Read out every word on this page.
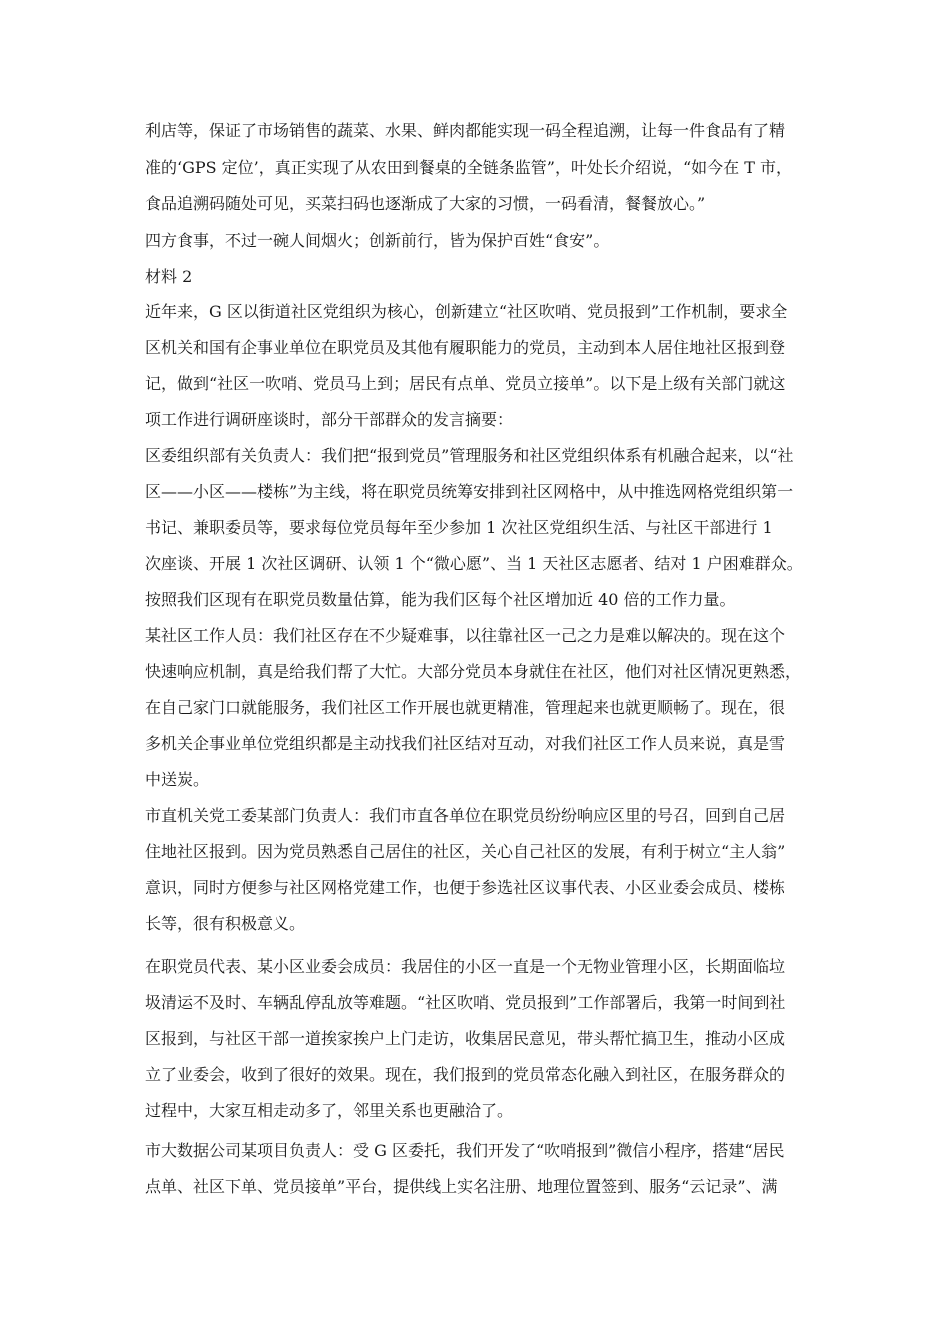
利店等，保证了市场销售的蔬菜、水果、鲜肉都能实现一码全程追溯，让每一件食品有了精

准的‘GPS 定位’，真正实现了从农田到餐桌的全链条监管”，叶处长介绍说，“如今在 T 市，

食品追溯码随处可见，买菜扫码也逐渐成了大家的习惯，一码看清，餐餐放心。”

四方食事，不过一碗人间烟火；创新前行，皆为保护百姓“食安”。

材料 2

近年来，G 区以街道社区党组织为核心，创新建立“社区吹哨、党员报到”工作机制，要求全

区机关和国有企事业单位在职党员及其他有履职能力的党员，主动到本人居住地社区报到登

记，做到“社区一吹哨、党员马上到；居民有点单、党员立接单”。以下是上级有关部门就这

项工作进行调研座谈时，部分干部群众的发言摘要：

区委组织部有关负责人：我们把“报到党员”管理服务和社区党组织体系有机融合起来，以“社

区——小区——楼栋”为主线，将在职党员统筹安排到社区网格中，从中推选网格党组织第一

书记、兼职委员等，要求每位党员每年至少参加 1 次社区党组织生活、与社区干部进行 1

次座谈、开展 1 次社区调研、认领 1 个“微心愿”、当 1 天社区志愿者、结对 1 户困难群众。

按照我们区现有在职党员数量估算，能为我们区每个社区增加近 40 倍的工作力量。

某社区工作人员：我们社区存在不少疑难事，以往靠社区一己之力是难以解决的。现在这个

快速响应机制，真是给我们帮了大忙。大部分党员本身就住在社区，他们对社区情况更熟悉，

在自己家门口就能服务，我们社区工作开展也就更精准，管理起来也就更顺畅了。现在，很

多机关企事业单位党组织都是主动找我们社区结对互动，对我们社区工作人员来说，真是雪

中送炭。

市直机关党工委某部门负责人：我们市直各单位在职党员纷纷响应区里的号召，回到自己居

住地社区报到。因为党员熟悉自己居住的社区，关心自己社区的发展，有利于树立“主人翁”

意识，同时方便参与社区网格党建工作，也便于参选社区议事代表、小区业委会成员、楼栋

长等，很有积极意义。

在职党员代表、某小区业委会成员：我居住的小区一直是一个无物业管理小区，长期面临垃

圾清运不及时、车辆乱停乱放等难题。“社区吹哨、党员报到”工作部署后，我第一时间到社

区报到，与社区干部一道挨家挨户上门走访，收集居民意见，带头帮忙搞卫生，推动小区成

立了业委会，收到了很好的效果。现在，我们报到的党员常态化融入到社区，在服务群众的

过程中，大家互相走动多了，邻里关系也更融洽了。

市大数据公司某项目负责人：受 G 区委托，我们开发了“吹哨报到”微信小程序，搭建“居民

点单、社区下单、党员接单”平台，提供线上实名注册、地理位置签到、服务“云记录”、满
